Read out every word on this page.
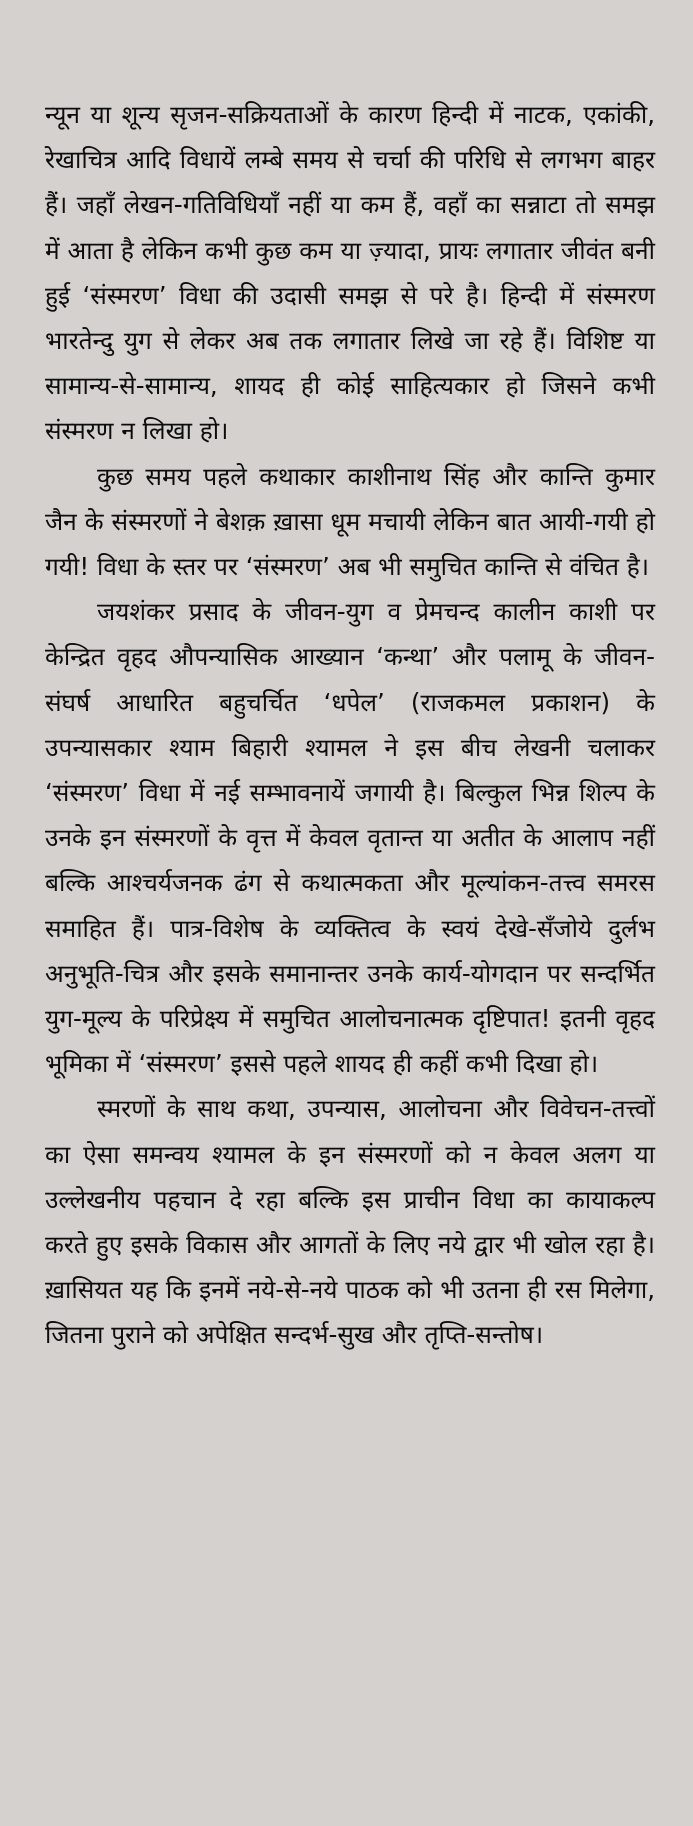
न्यून या शून्य सृजन-सक्रियताओं के कारण हिन्दी में नाटक, एकांकी, रेखाचित्र आदि विधायें लम्बे समय से चर्चा की परिधि से लगभग बाहर हैं। जहाँ लेखन-गतिविधियाँ नहीं या कम हैं, वहाँ का सन्नाटा तो समझ में आता है लेकिन कभी कुछ कम या ज़्यादा, प्रायः लगातार जीवंत बनी हुई ‘संस्मरण’ विधा की उदासी समझ से परे है। हिन्दी में संस्मरण भारतेन्दु युग से लेकर अब तक लगातार लिखे जा रहे हैं। विशिष्ट या सामान्य-से-सामान्य, शायद ही कोई साहित्यकार हो जिसने कभी संस्मरण न लिखा हो।

कुछ समय पहले कथाकार काशीनाथ सिंह और कान्ति कुमार जैन के संस्मरणों ने बेशक़ ख़ासा धूम मचायी लेकिन बात आयी-गयी हो गयी! विधा के स्तर पर ‘संस्मरण’ अब भी समुचित कान्ति से वंचित है।

जयशंकर प्रसाद के जीवन-युग व प्रेमचन्द कालीन काशी पर केन्द्रित वृहद औपन्यासिक आख्यान ‘कन्था’ और पलामू के जीवन-संघर्ष आधारित बहुचर्चित ‘धपेल’ (राजकमल प्रकाशन) के उपन्यासकार श्याम बिहारी श्यामल ने इस बीच लेखनी चलाकर ‘संस्मरण’ विधा में नई सम्भावनायें जगायी है। बिल्कुल भिन्न शिल्प के उनके इन संस्मरणों के वृत्त में केवल वृतान्त या अतीत के आलाप नहीं बल्कि आश्चर्यजनक ढंग से कथात्मकता और मूल्यांकन-तत्त्व समरस समाहित हैं। पात्र-विशेष के व्यक्तित्व के स्वयं देखे-सँजोये दुर्लभ अनुभूति-चित्र और इसके समानान्तर उनके कार्य-योगदान पर सन्दर्भित युग-मूल्य के परिप्रेक्ष्य में समुचित आलोचनात्मक दृष्टिपात! इतनी वृहद भूमिका में ‘संस्मरण’ इससे पहले शायद ही कहीं कभी दिखा हो।

स्मरणों के साथ कथा, उपन्यास, आलोचना और विवेचन-तत्त्वों का ऐसा समन्वय श्यामल के इन संस्मरणों को न केवल अलग या उल्लेखनीय पहचान दे रहा बल्कि इस प्राचीन विधा का कायाकल्प करते हुए इसके विकास और आगतों के लिए नये द्वार भी खोल रहा है। ख़ासियत यह कि इनमें नये-से-नये पाठक को भी उतना ही रस मिलेगा, जितना पुराने को अपेक्षित सन्दर्भ-सुख और तृप्ति-सन्तोष।
